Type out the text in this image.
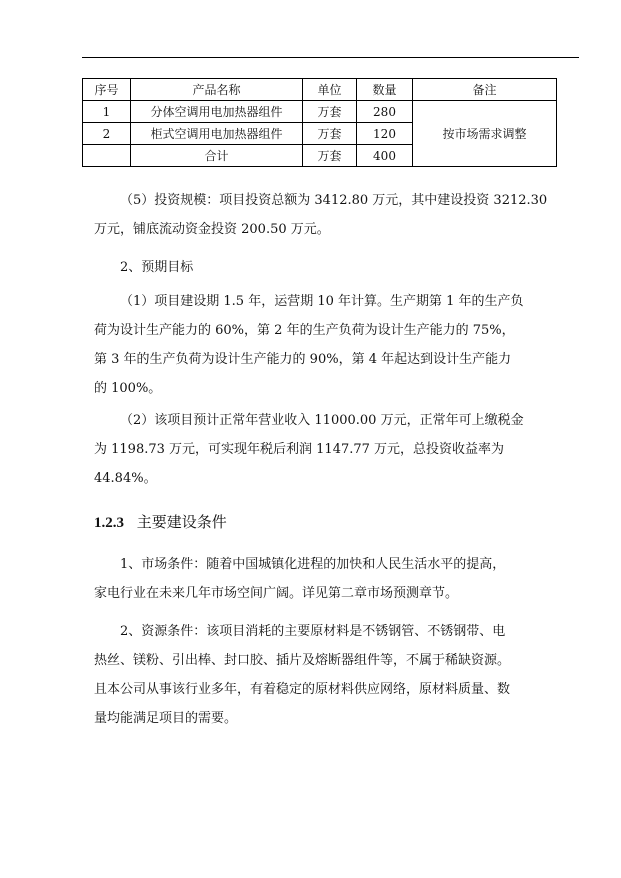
序号	产品名称	单位	数量	备注
1	分体空调用电加热器组件	万套	280	按市场需求调整
2	柜式空调用电加热器组件	万套	120	
	合计	万套	400	

（5）投资规模：项目投资总额为 3412.80 万元，其中建设投资 3212.30
万元，铺底流动资金投资 200.50 万元。

2、预期目标

（1）项目建设期 1.5 年，运营期 10 年计算。生产期第 1 年的生产负
荷为设计生产能力的 60%，第 2 年的生产负荷为设计生产能力的 75%，
第 3 年的生产负荷为设计生产能力的 90%，第 4 年起达到设计生产能力
的 100%。

（2）该项目预计正常年营业收入 11000.00 万元，正常年可上缴税金
为 1198.73 万元，可实现年税后利润 1147.77 万元，总投资收益率为
44.84%。

1.2.3 主要建设条件

1、市场条件：随着中国城镇化进程的加快和人民生活水平的提高，
家电行业在未来几年市场空间广阔。详见第二章市场预测章节。

2、资源条件：该项目消耗的主要原材料是不锈钢管、不锈钢带、电
热丝、镁粉、引出棒、封口胶、插片及熔断器组件等，不属于稀缺资源。
且本公司从事该行业多年，有着稳定的原材料供应网络，原材料质量、数
量均能满足项目的需要。
